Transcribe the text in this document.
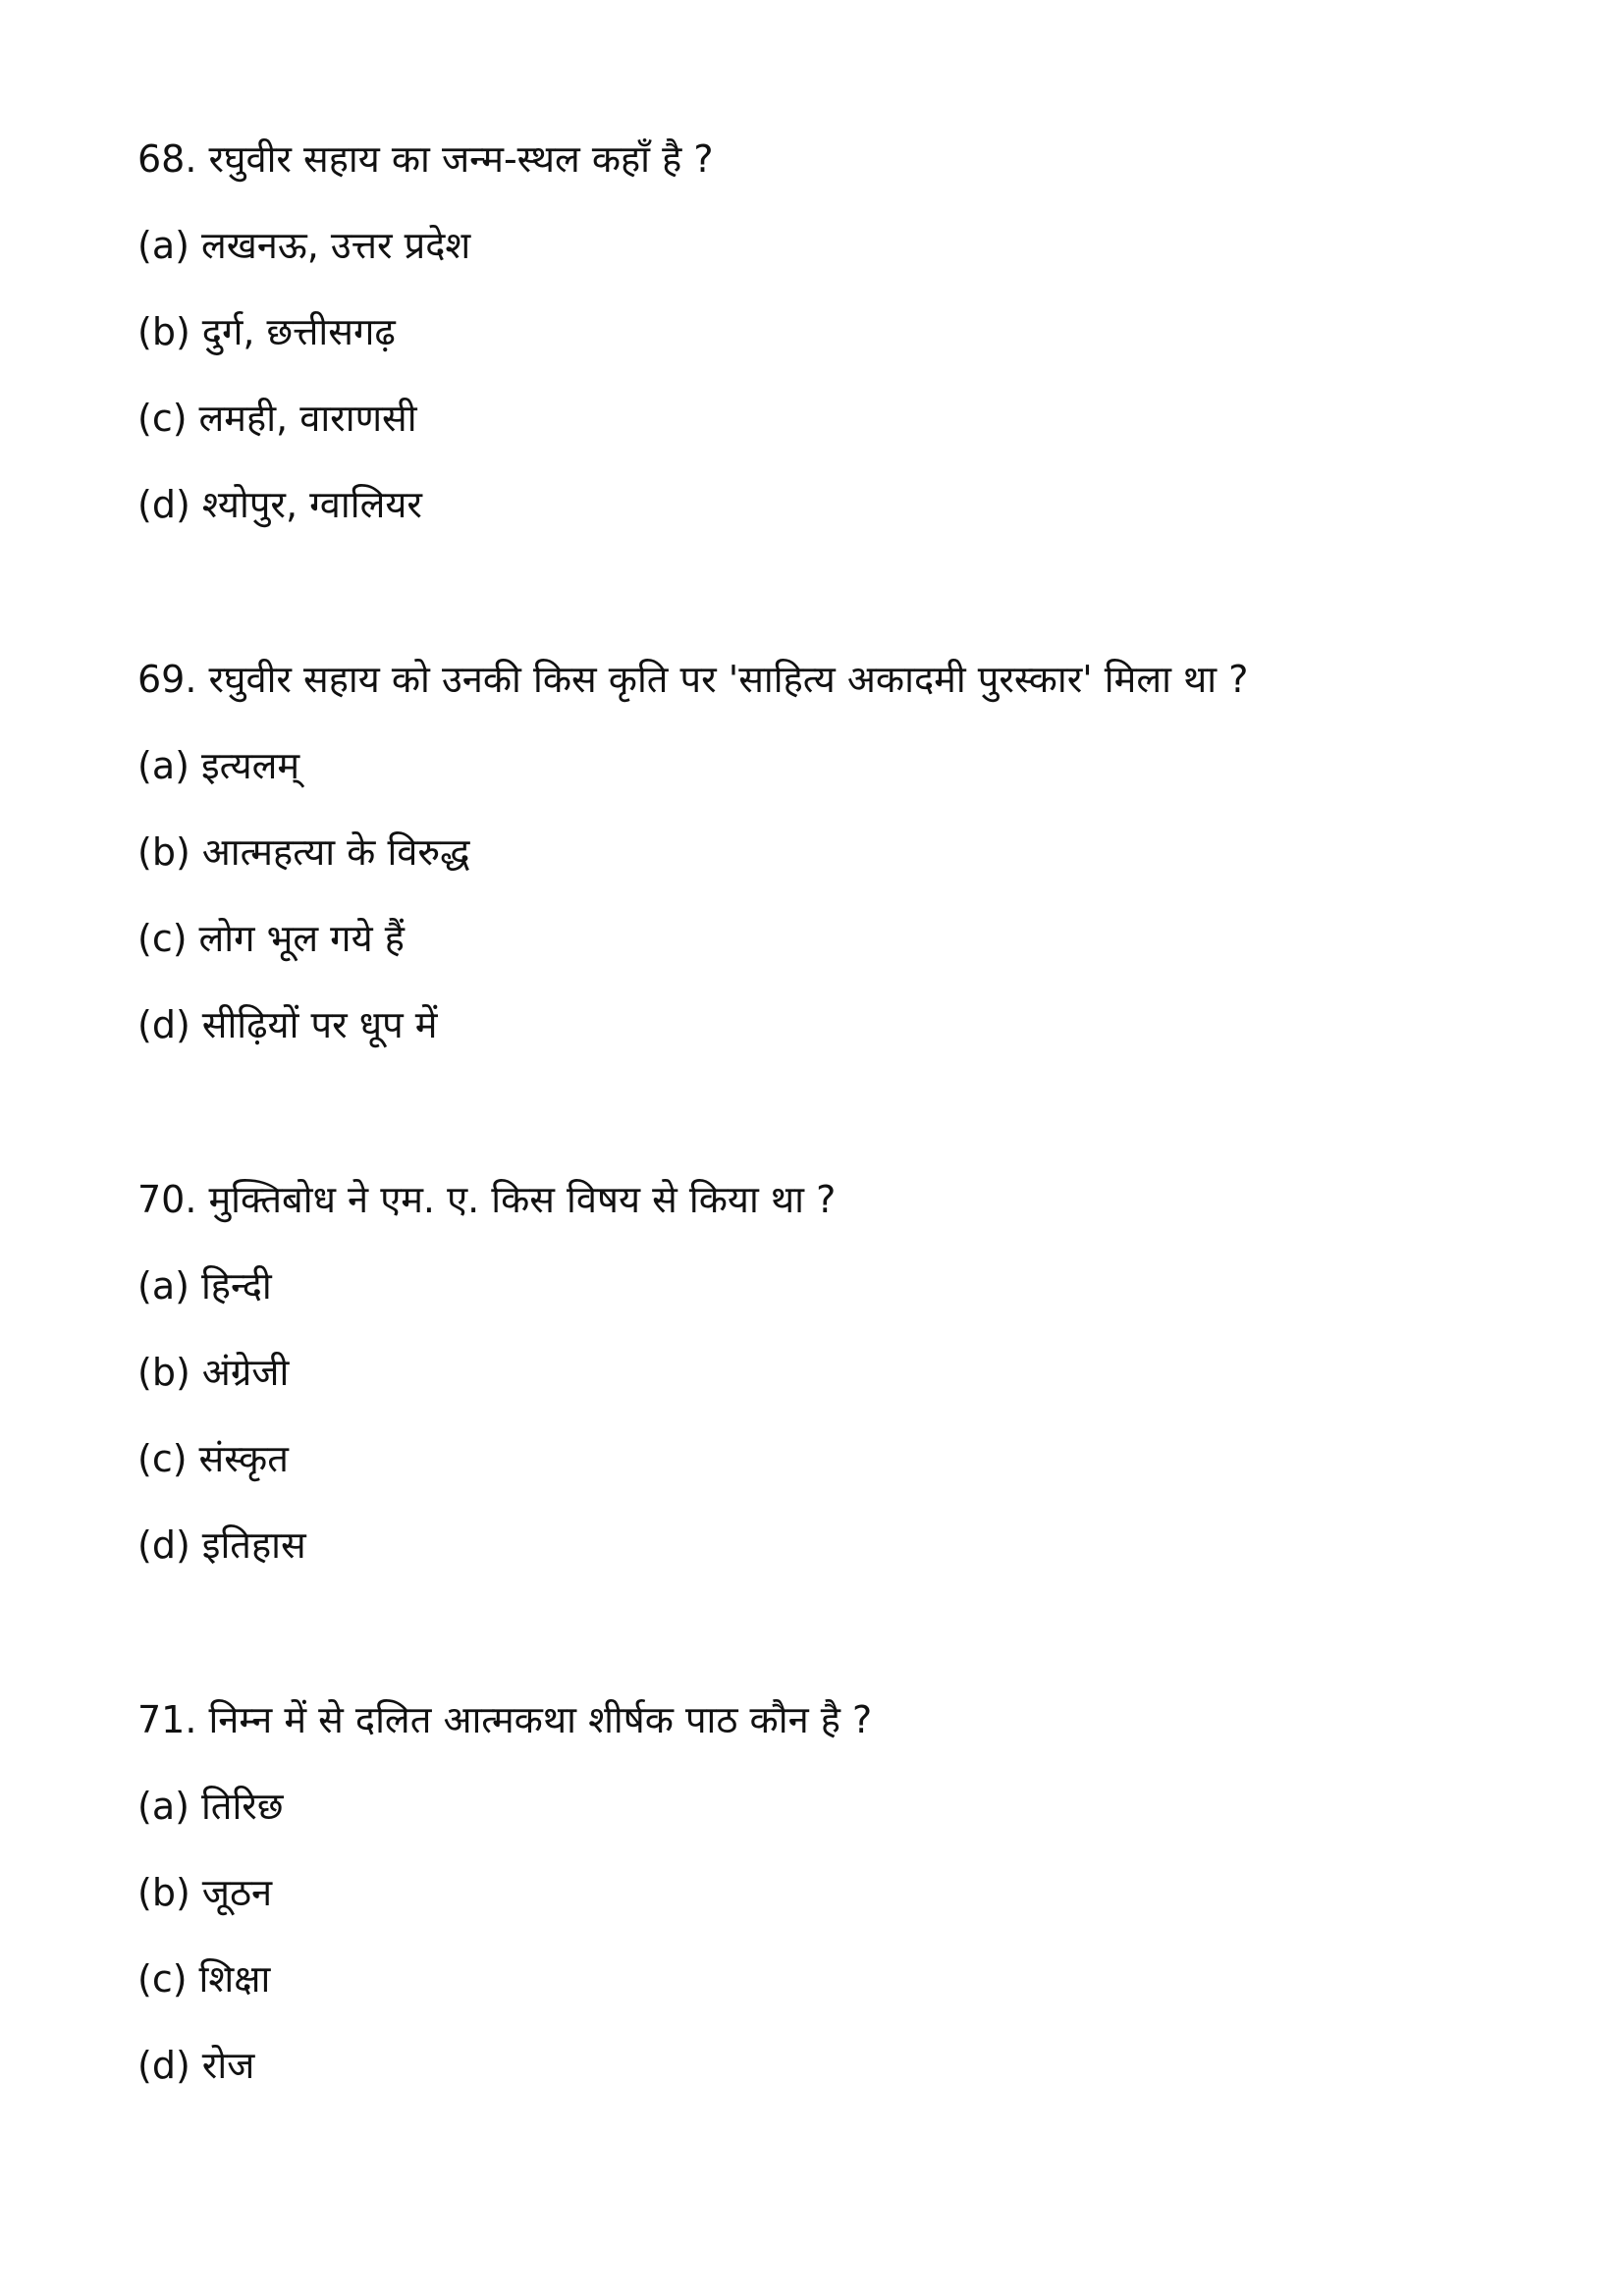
68. रघुवीर सहाय का जन्म-स्थल कहाँ है ?
(a) लखनऊ, उत्तर प्रदेश
(b) दुर्ग, छत्तीसगढ़
(c) लमही, वाराणसी
(d) श्योपुर, ग्वालियर
69. रघुवीर सहाय को उनकी किस कृति पर 'साहित्य अकादमी पुरस्कार' मिला था ?
(a) इत्यलम्
(b) आत्महत्या के विरुद्ध
(c) लोग भूल गये हैं
(d) सीढ़ियों पर धूप में
70. मुक्तिबोध ने एम. ए. किस विषय से किया था ?
(a) हिन्दी
(b) अंग्रेजी
(c) संस्कृत
(d) इतिहास
71. निम्न में से दलित आत्मकथा शीर्षक पाठ कौन है ?
(a) तिरिछ
(b) जूठन
(c) शिक्षा
(d) रोज
